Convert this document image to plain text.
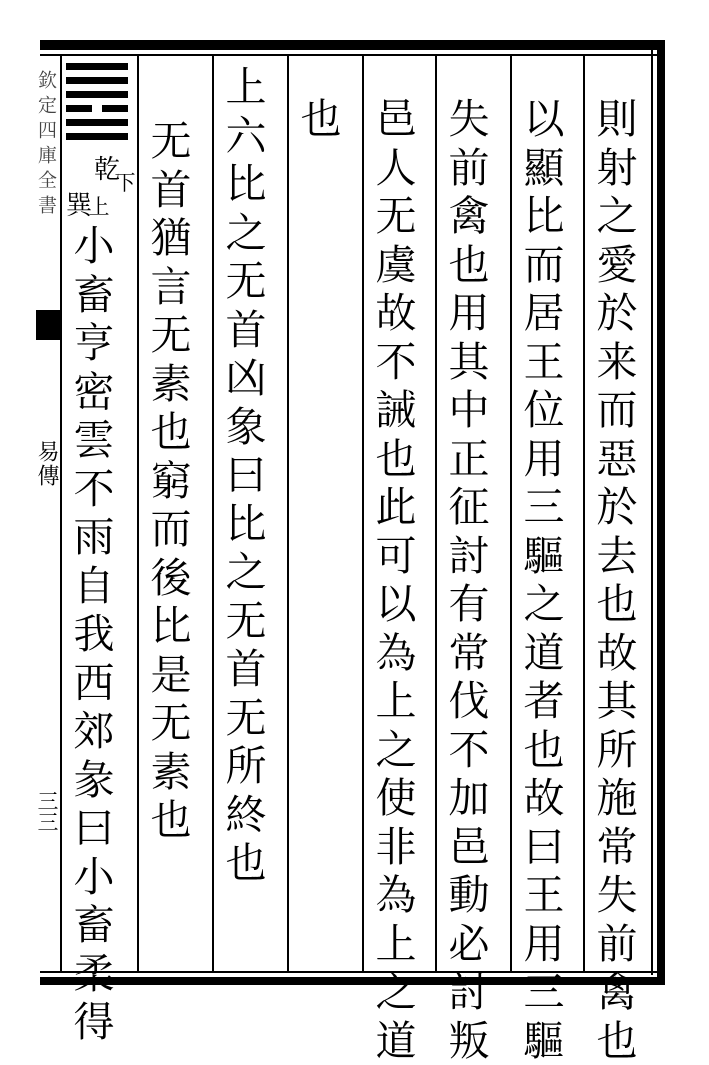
欽定四庫全書
易傳
三三
乾
下
巽
上
則
射
之
愛
於
来
而
惡
於
去
也
故
其
所
施
常
失
前
禽
也
以
顯
比
而
居
王
位
用
三
驅
之
道
者
也
故
曰
王
用
三
驅
失
前
禽
也
用
其
中
正
征
討
有
常
伐
不
加
邑
動
必
討
叛
邑
人
无
虞
故
不
誡
也
此
可
以
為
上
之
使
非
為
上
之
道
也
上
六
比
之
无
首
凶
象
曰
比
之
无
首
无
所
終
也
无
首
猶
言
无
素
也
窮
而
後
比
是
无
素
也
小
畜
亨
密
雲
不
雨
自
我
西
郊
彖
曰
小
畜
柔
得
